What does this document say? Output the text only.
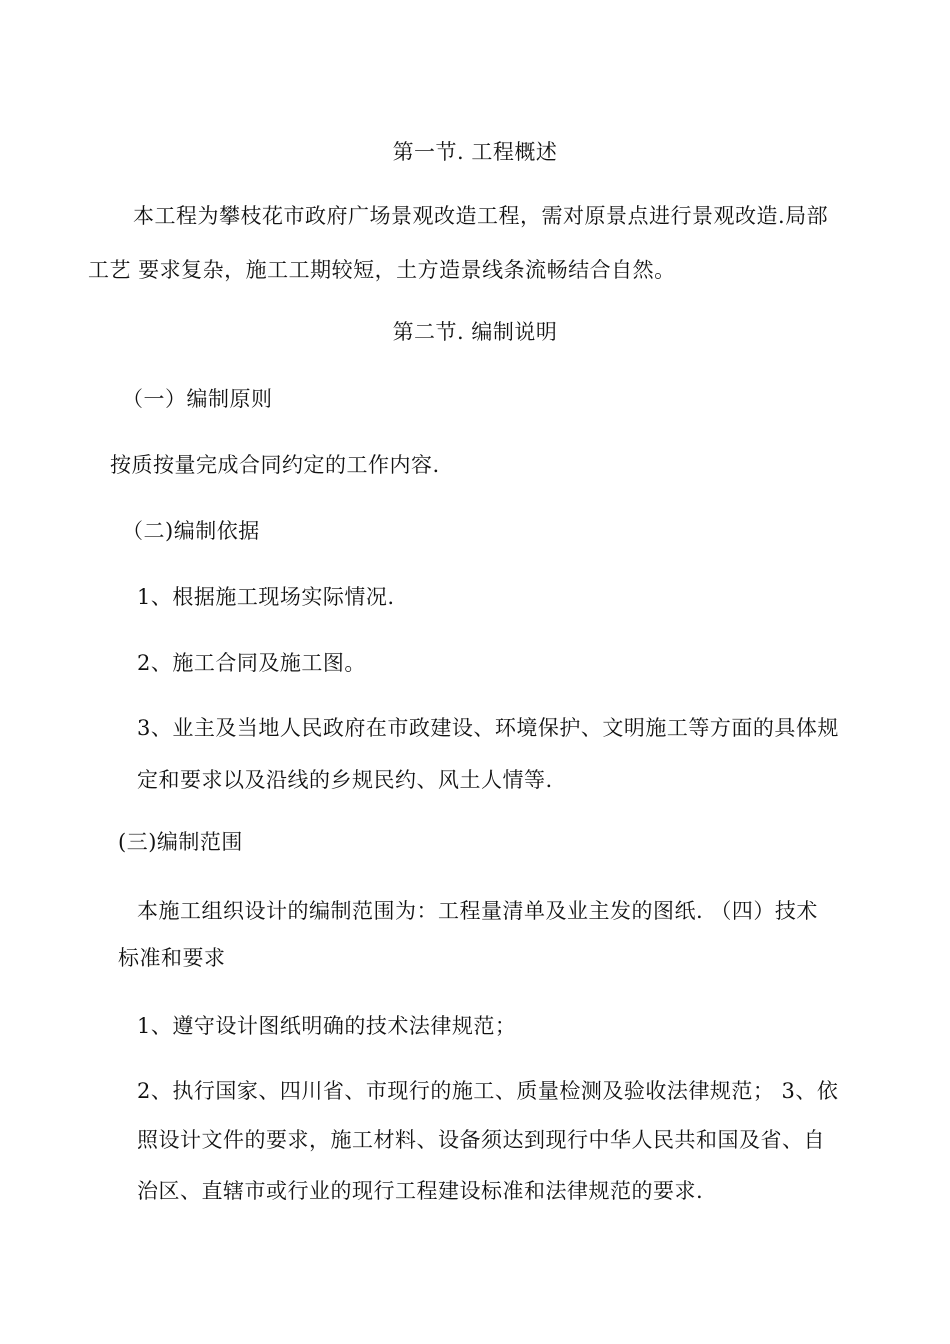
第一节. 工程概述
本工程为攀枝花市政府广场景观改造工程，需对原景点进行景观改造.局部
工艺 要求复杂，施工工期较短，土方造景线条流畅结合自然。
第二节. 编制说明
（一）编制原则
按质按量完成合同约定的工作内容.
（二)编制依据
1、根据施工现场实际情况.
2、施工合同及施工图。
3、业主及当地人民政府在市政建设、环境保护、文明施工等方面的具体规
定和要求以及沿线的乡规民约、风土人情等.
(三)编制范围
本施工组织设计的编制范围为：工程量清单及业主发的图纸. （四）技术
标准和要求
1、遵守设计图纸明确的技术法律规范；
2、执行国家、四川省、市现行的施工、质量检测及验收法律规范； 3、依
照设计文件的要求，施工材料、设备须达到现行中华人民共和国及省、自
治区、直辖市或行业的现行工程建设标准和法律规范的要求.
